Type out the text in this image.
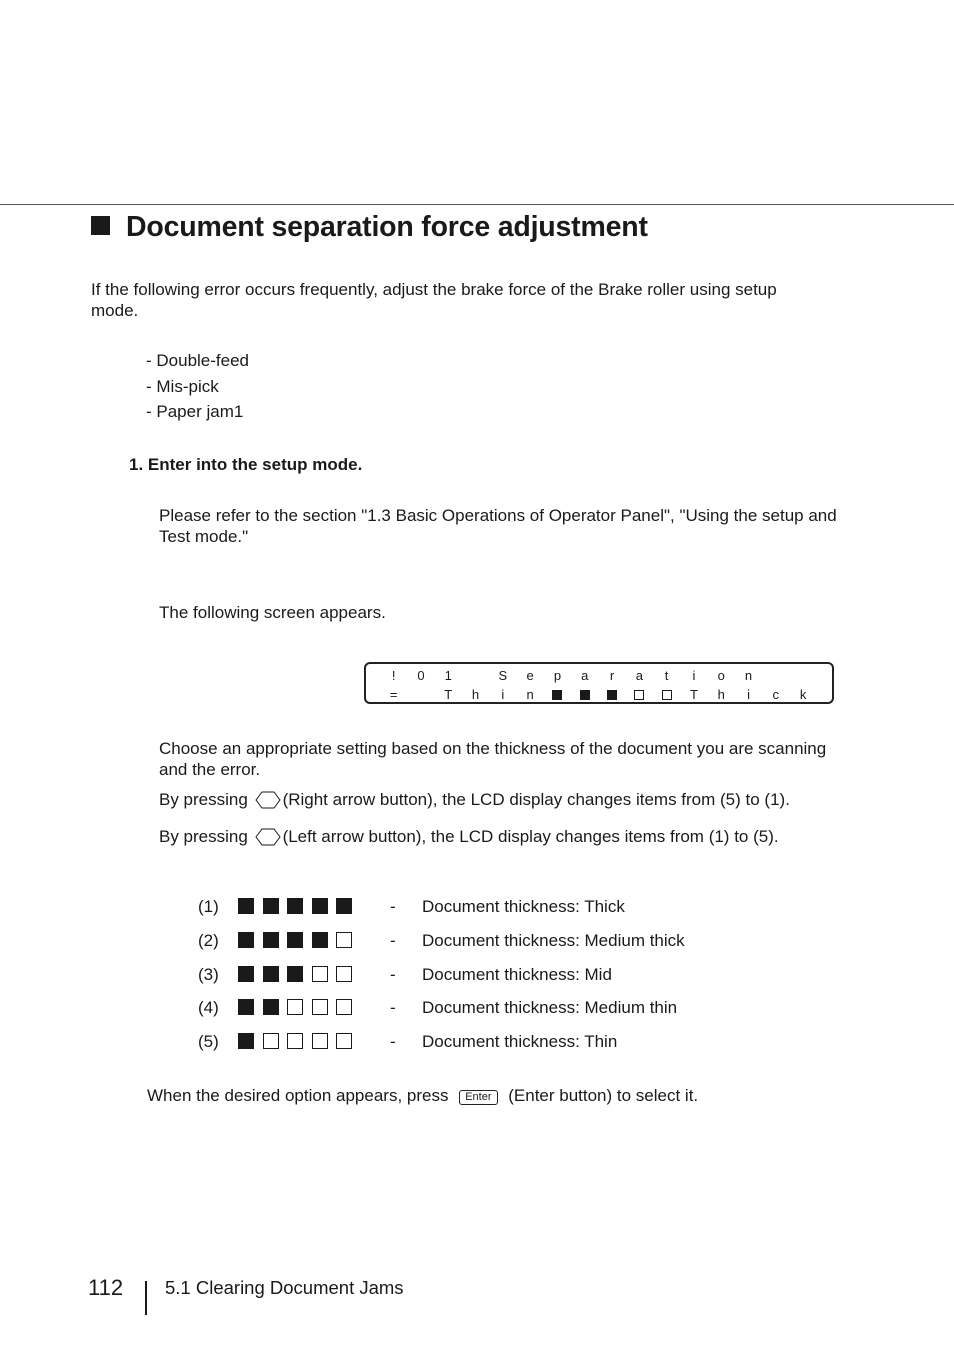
Document separation force adjustment
If the following error occurs frequently, adjust the brake force of the Brake roller using setup mode.
- Double-feed
- Mis-pick
- Paper jam1
1. Enter into the setup mode.
Please refer to the section "1.3 Basic Operations of Operator Panel", "Using the setup and Test mode."
The following screen appears.
! 0 1	S e p a r a t i o n
=	T h i n	T h i c k
Choose an appropriate setting based on the thickness of the document you are scanning and the error.
By pressing (Right arrow button), the LCD display changes items from (5) to (1).
By pressing (Left arrow button), the LCD display changes items from (1) to (5).
(1)	- Document thickness: Thick
(2)	- Document thickness: Medium thick
(3)	- Document thickness: Mid
(4)	- Document thickness: Medium thin
(5)	- Document thickness: Thin
When the desired option appears, press Enter (Enter button) to select it.
112 5.1 Clearing Document Jams
